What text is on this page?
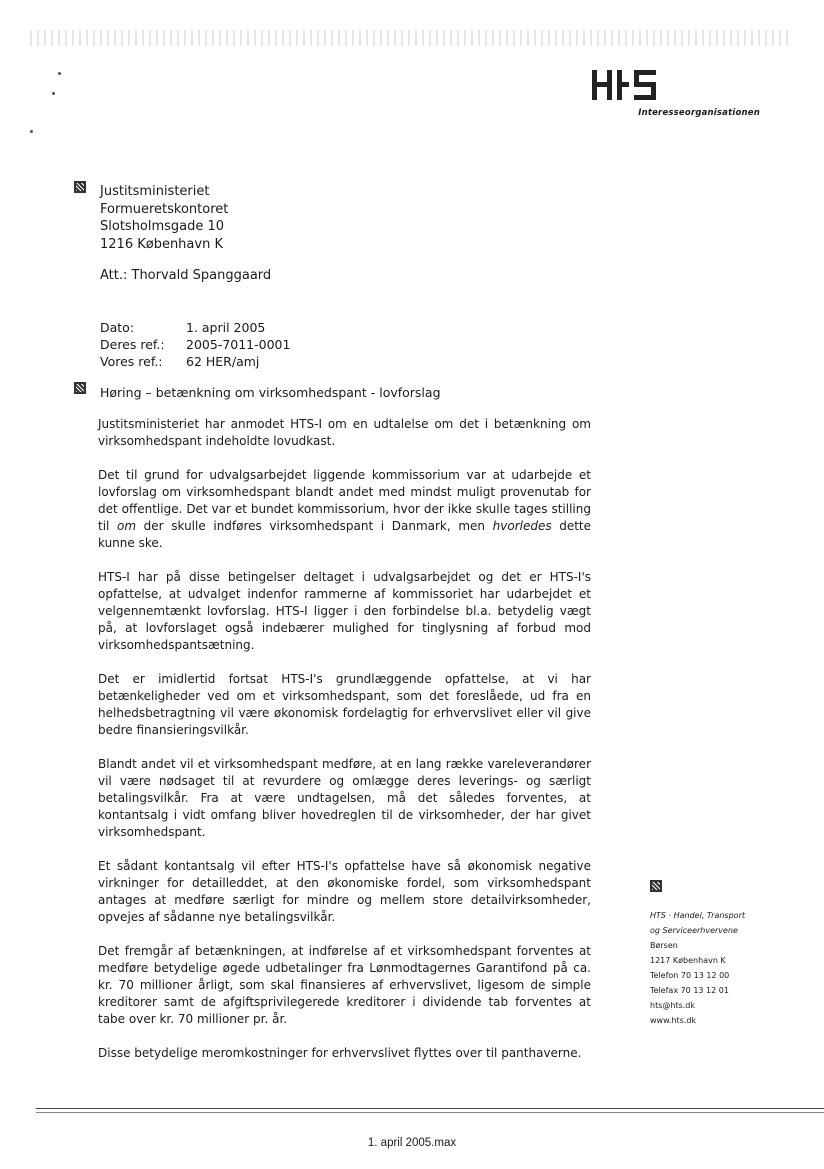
Interesseorganisationen
Justitsministeriet
Formueretskontoret
Slotsholmsgade 10
1216 København K
Att.: Thorvald Spanggaard
Dato:	1. april 2005
Deres ref.:	2005-7011-0001
Vores ref.:	62 HER/amj
Høring – betænkning om virksomhedspant - lovforslag

Justitsministeriet har anmodet HTS-I om en udtalelse om det i betænkning om virksomhedspant indeholdte lovudkast.

Det til grund for udvalgsarbejdet liggende kommissorium var at udarbejde et lovforslag om virksomhedspant blandt andet med mindst muligt provenutab for det offentlige. Det var et bundet kommissorium, hvor der ikke skulle tages stilling til om der skulle indføres virksomhedspant i Danmark, men hvorledes dette kunne ske.

HTS-I har på disse betingelser deltaget i udvalgsarbejdet og det er HTS-I's opfattelse, at udvalget indenfor rammerne af kommissoriet har udarbejdet et velgennemtænkt lovforslag. HTS-I ligger i den forbindelse bl.a. betydelig vægt på, at lovforslaget også indebærer mulighed for tinglysning af forbud mod virksomhedspantsætning.

Det er imidlertid fortsat HTS-I's grundlæggende opfattelse, at vi har betænkeligheder ved om et virksomhedspant, som det foreslåede, ud fra en helhedsbetragtning vil være økonomisk fordelagtig for erhvervslivet eller vil give bedre finansieringsvilkår.

Blandt andet vil et virksomhedspant medføre, at en lang række vareleverandører vil være nødsaget til at revurdere og omlægge deres leverings- og særligt betalingsvilkår. Fra at være undtagelsen, må det således forventes, at kontantsalg i vidt omfang bliver hovedreglen til de virksomheder, der har givet virksomhedspant.

Et sådant kontantsalg vil efter HTS-I's opfattelse have så økonomisk negative virkninger for detailleddet, at den økonomiske fordel, som virksomhedspant antages at medføre særligt for mindre og mellem store detailvirksomheder, opvejes af sådanne nye betalingsvilkår.

Det fremgår af betænkningen, at indførelse af et virksomhedspant forventes at medføre betydelige øgede udbetalinger fra Lønmodtagernes Garantifond på ca. kr. 70 millioner årligt, som skal finansieres af erhvervslivet, ligesom de simple kreditorer samt de afgiftsprivilegerede kreditorer i dividende tab forventes at tabe over kr. 70 millioner pr. år.

Disse betydelige meromkostninger for erhvervslivet flyttes over til panthaverne.

HTS · Handel, Transport
og Serviceerhvervene
Børsen
1217 København K
Telefon 70 13 12 00
Telefax 70 13 12 01
hts@hts.dk
www.hts.dk
1. april 2005.max
